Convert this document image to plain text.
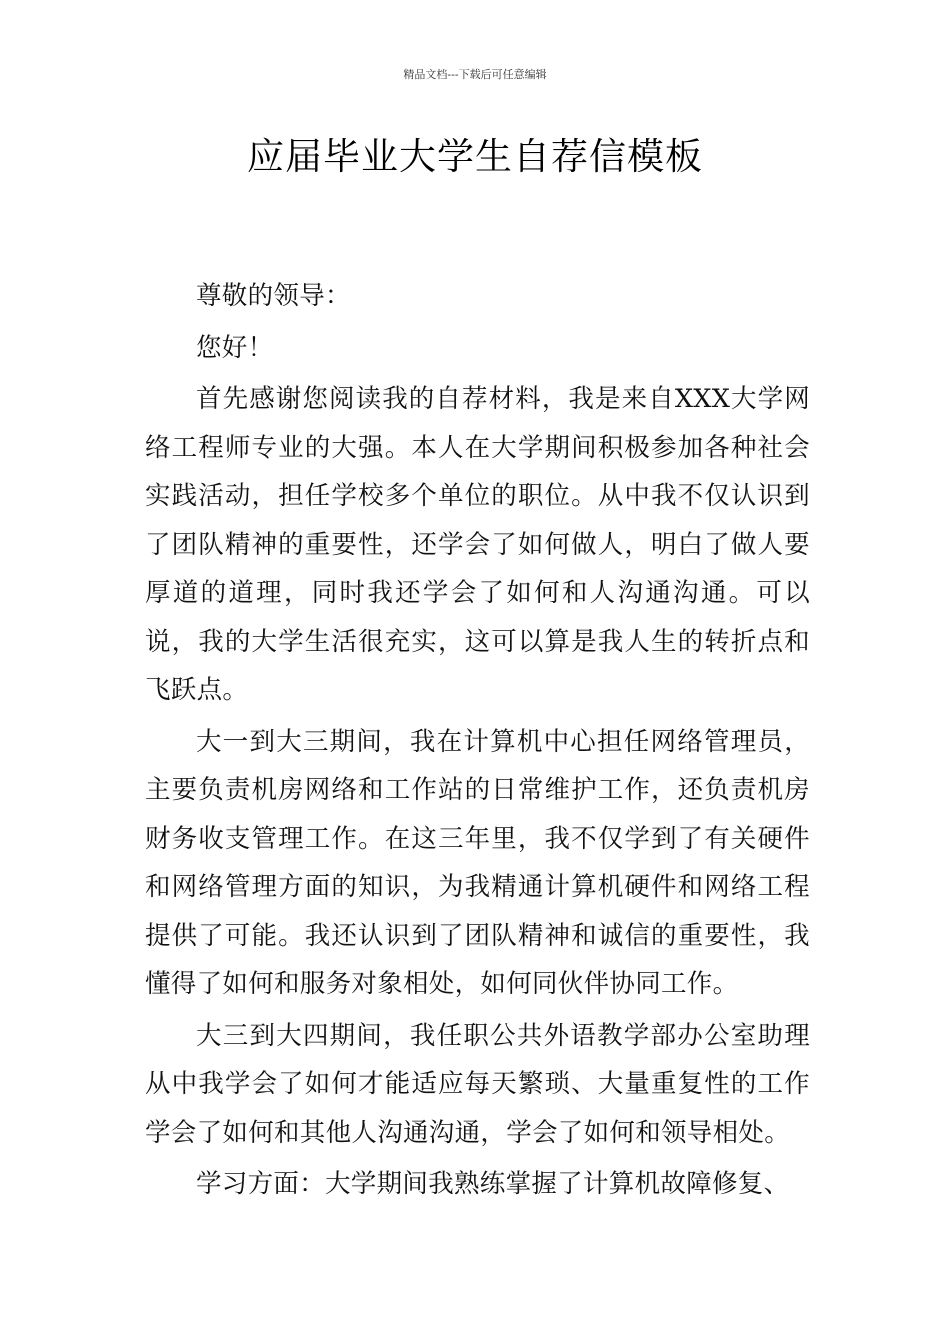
精品文档---下载后可任意编辑
应届毕业大学生自荐信模板

尊敬的领导：

您好！

首先感谢您阅读我的自荐材料，我是来自XXX大学网络工程师专业的大强。本人在大学期间积极参加各种社会实践活动，担任学校多个单位的职位。从中我不仅认识到了团队精神的重要性，还学会了如何做人，明白了做人要厚道的道理，同时我还学会了如何和人沟通沟通。可以说，我的大学生活很充实，这可以算是我人生的转折点和飞跃点。

大一到大三期间，我在计算机中心担任网络管理员，主要负责机房网络和工作站的日常维护工作，还负责机房财务收支管理工作。在这三年里，我不仅学到了有关硬件和网络管理方面的知识，为我精通计算机硬件和网络工程提供了可能。我还认识到了团队精神和诚信的重要性，我懂得了如何和服务对象相处，如何同伙伴协同工作。

大三到大四期间，我任职公共外语教学部办公室助理从中我学会了如何才能适应每天繁琐、大量重复性的工作学会了如何和其他人沟通沟通，学会了如何和领导相处。

学习方面：大学期间我熟练掌握了计算机故障修复、
